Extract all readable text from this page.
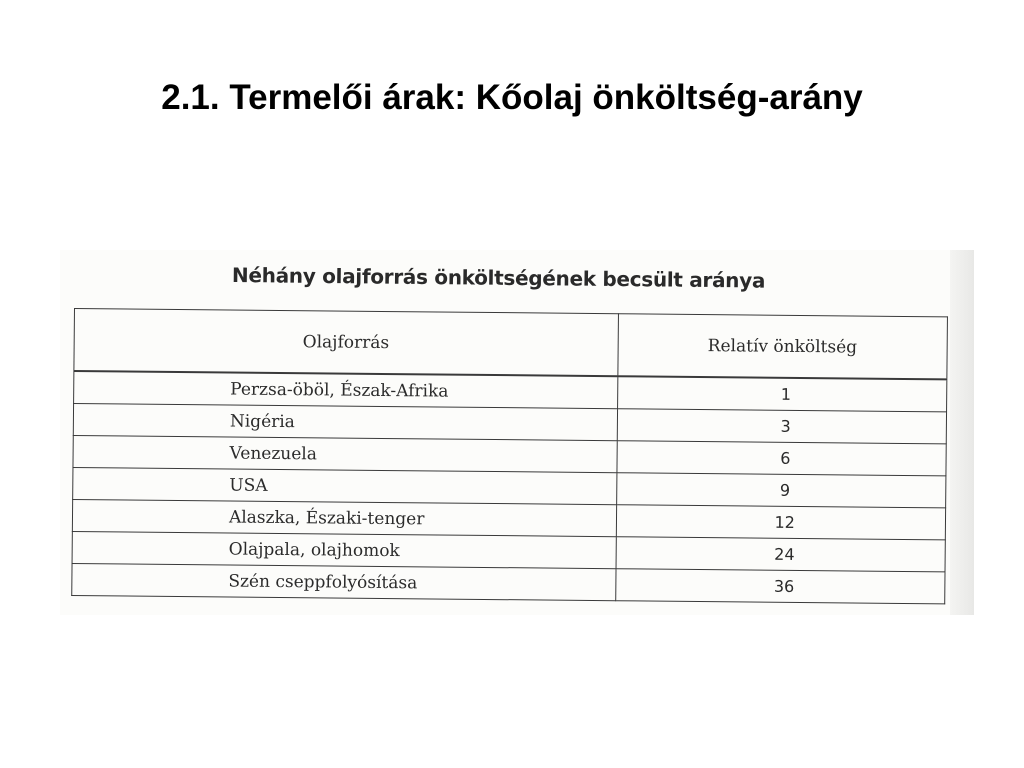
2.1. Termelői árak: Kőolaj önköltség-arány
Néhány olajforrás önköltségének becsült aránya
Olajforrás	Relatív önköltség
Perzsa-öböl, Észak-Afrika	1
Nigéria	3
Venezuela	6
USA	9
Alaszka, Északi-tenger	12
Olajpala, olajhomok	24
Szén cseppfolyósítása	36
